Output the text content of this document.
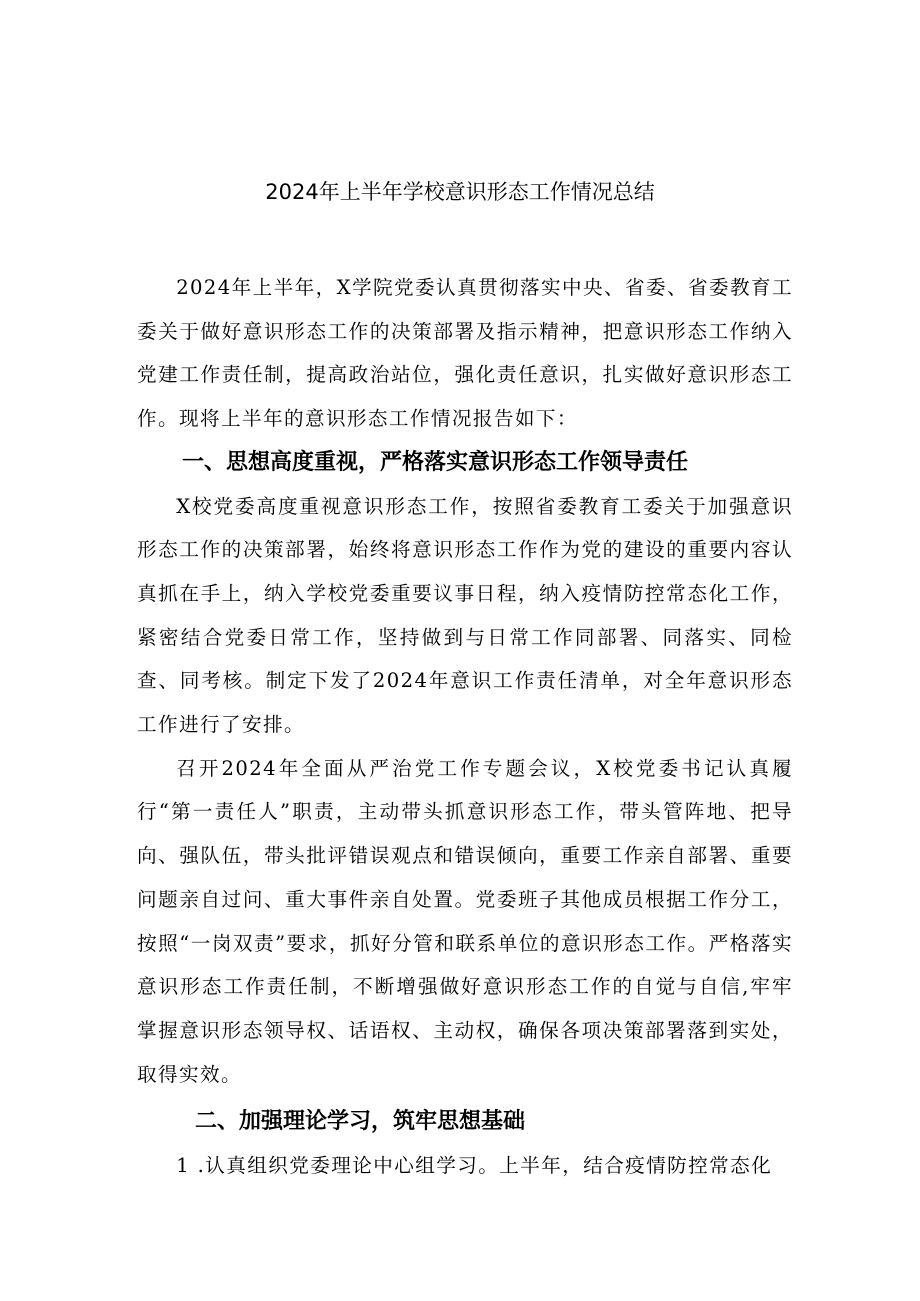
2024年上半年学校意识形态工作情况总结

2024年上半年，X学院党委认真贯彻落实中央、省委、省委教育工委关于做好意识形态工作的决策部署及指示精神，把意识形态工作纳入党建工作责任制，提高政治站位，强化责任意识，扎实做好意识形态工作。现将上半年的意识形态工作情况报告如下：

一、思想高度重视，严格落实意识形态工作领导责任

X校党委高度重视意识形态工作，按照省委教育工委关于加强意识形态工作的决策部署，始终将意识形态工作作为党的建设的重要内容认真抓在手上，纳入学校党委重要议事日程，纳入疫情防控常态化工作，紧密结合党委日常工作，坚持做到与日常工作同部署、同落实、同检查、同考核。制定下发了2024年意识工作责任清单，对全年意识形态工作进行了安排。

召开2024年全面从严治党工作专题会议，X校党委书记认真履行“第一责任人”职责，主动带头抓意识形态工作，带头管阵地、把导向、强队伍，带头批评错误观点和错误倾向，重要工作亲自部署、重要问题亲自过问、重大事件亲自处置。党委班子其他成员根据工作分工，按照“一岗双责”要求，抓好分管和联系单位的意识形态工作。严格落实意识形态工作责任制，不断增强做好意识形态工作的自觉与自信,牢牢掌握意识形态领导权、话语权、主动权，确保各项决策部署落到实处，取得实效。

二、加强理论学习，筑牢思想基础

1 .认真组织党委理论中心组学习。上半年，结合疫情防控常态化
